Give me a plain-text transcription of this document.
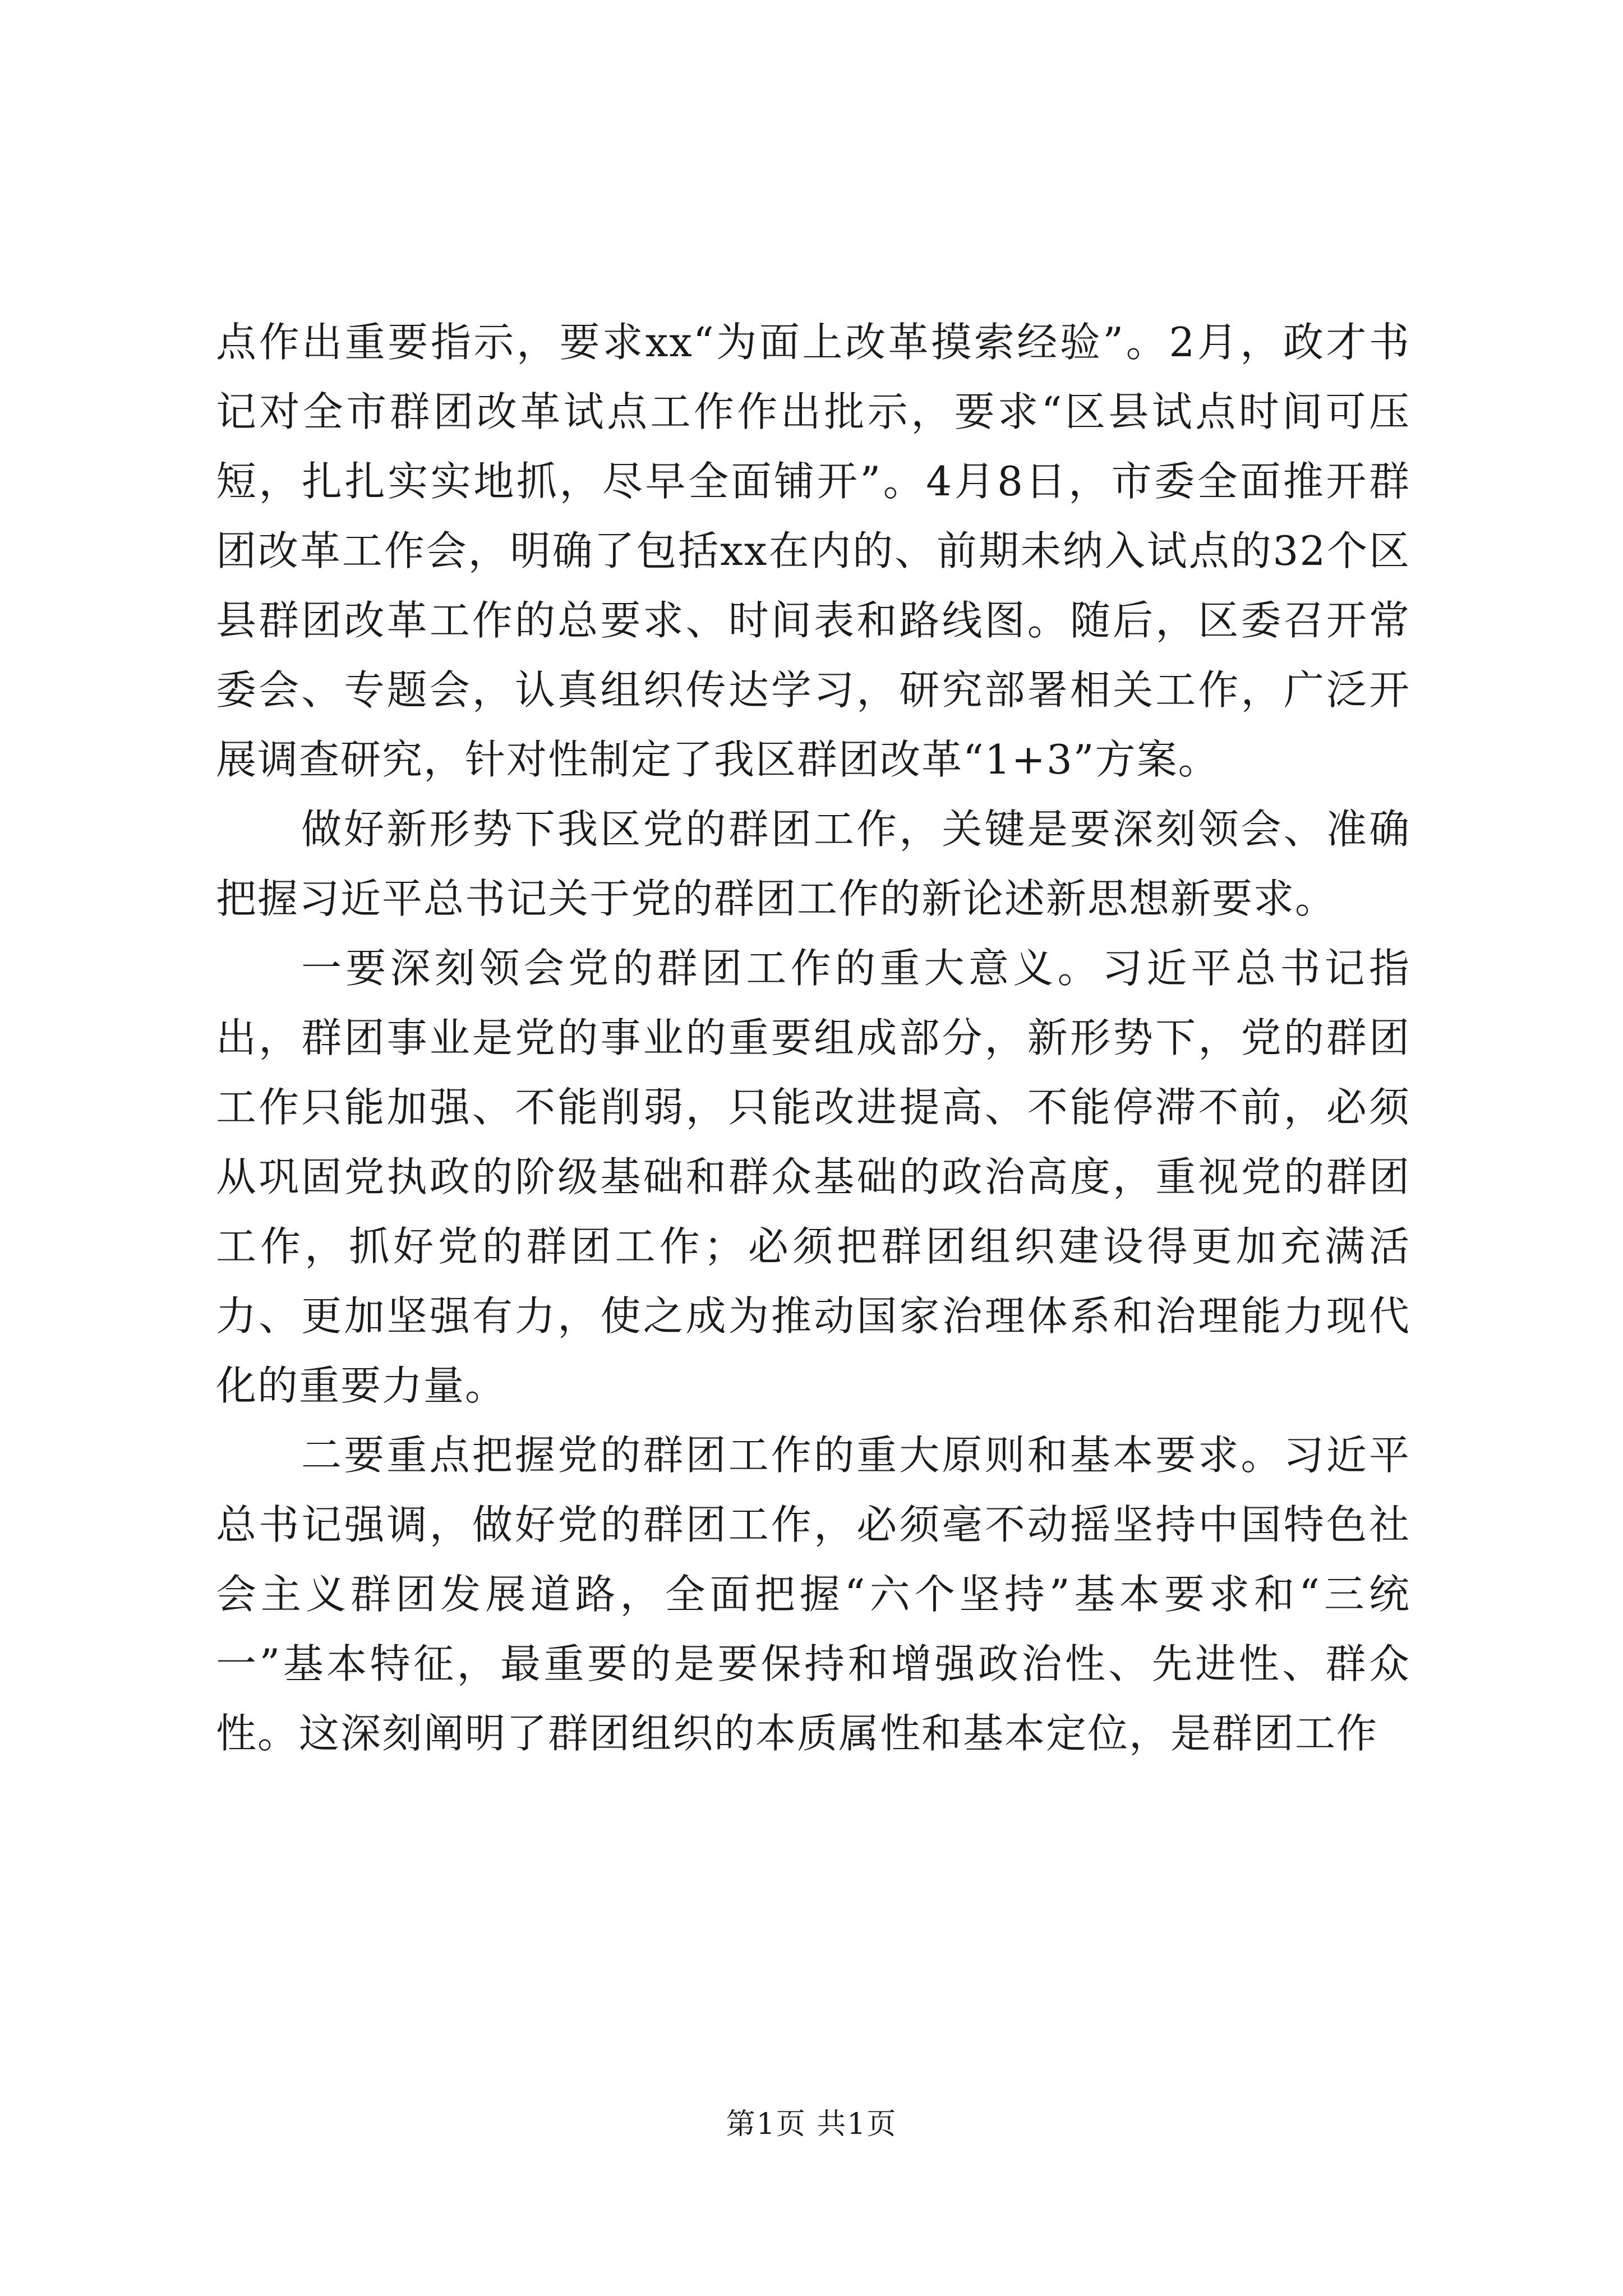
点作出重要指示，要求xx“为面上改革摸索经验”。2月，政才书记对全市群团改革试点工作作出批示，要求“区县试点时间可压短，扎扎实实地抓，尽早全面铺开”。4月8日，市委全面推开群团改革工作会，明确了包括xx在内的、前期未纳入试点的32个区县群团改革工作的总要求、时间表和路线图。随后，区委召开常委会、专题会，认真组织传达学习，研究部署相关工作，广泛开展调查研究，针对性制定了我区群团改革“1+3”方案。

做好新形势下我区党的群团工作，关键是要深刻领会、准确把握习近平总书记关于党的群团工作的新论述新思想新要求。

一要深刻领会党的群团工作的重大意义。习近平总书记指出，群团事业是党的事业的重要组成部分，新形势下，党的群团工作只能加强、不能削弱，只能改进提高、不能停滞不前，必须从巩固党执政的阶级基础和群众基础的政治高度，重视党的群团工作，抓好党的群团工作；必须把群团组织建设得更加充满活力、更加坚强有力，使之成为推动国家治理体系和治理能力现代化的重要力量。

二要重点把握党的群团工作的重大原则和基本要求。习近平总书记强调，做好党的群团工作，必须毫不动摇坚持中国特色社会主义群团发展道路，全面把握“六个坚持”基本要求和“三统一”基本特征，最重要的是要保持和增强政治性、先进性、群众性。这深刻阐明了群团组织的本质属性和基本定位，是群团工作

第1页 共1页
